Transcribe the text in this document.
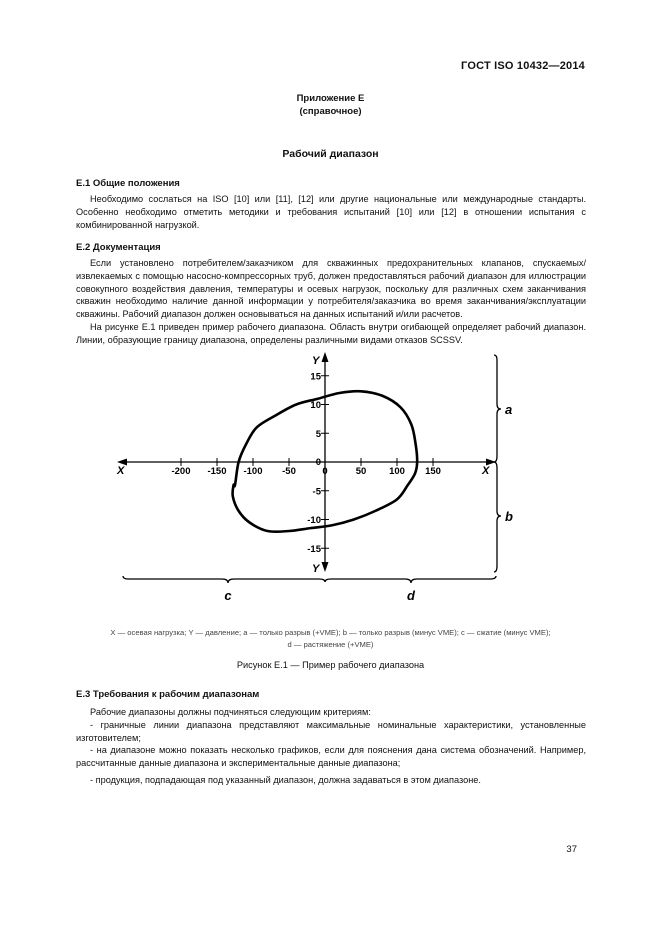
ГОСТ ISO 10432—2014
Приложение Е
(справочное)
Рабочий диапазон
Е.1 Общие положения

Необходимо сослаться на ISO [10] или [11], [12] или другие национальные или международные стандарты. Особенно необходимо отметить методики и требования испытаний [10] или [12] в отношении испытания с комбинированной нагрузкой.

Е.2 Документация

Если установлено потребителем/заказчиком для скважинных предохранительных клапанов, спускаемых/извлекаемых с помощью насосно-компрессорных труб, должен предоставляться рабочий диапазон для иллюстрации совокупного воздействия давления, температуры и осевых нагрузок, поскольку для различных схем заканчивания скважин необходимо наличие данной информации у потребителя/заказчика во время заканчивания/эксплуатации скважины. Рабочий диапазон должен основываться на данных испытаний и/или расчетов.

На рисунке Е.1 приведен пример рабочего диапазона. Область внутри огибающей определяет рабочий диапазон. Линии, образующие границу диапазона, определены различными видами отказов SCSSV.

X
X
Y
Y
-200 -150 -100 -50	0	50 100 150
15
10
5
0
-5
-10
-15
a
b
c	d
X — осевая нагрузка; Y — давление; a — только разрыв (+VME); b — только разрыв (минус VME); c — сжатие (минус VME);
d — растяжение (+VME)
Рисунок Е.1 — Пример рабочего диапазона
Е.3 Требования к рабочим диапазонам

Рабочие диапазоны должны подчиняться следующим критериям:

- граничные линии диапазона представляют максимальные номинальные характеристики, установленные изготовителем;

- на диапазоне можно показать несколько графиков, если для пояснения дана система обозначений. Например, рассчитанные данные диапазона и экспериментальные данные диапазона;

- продукция, подпадающая под указанный диапазон, должна задаваться в этом диапазоне.

37
